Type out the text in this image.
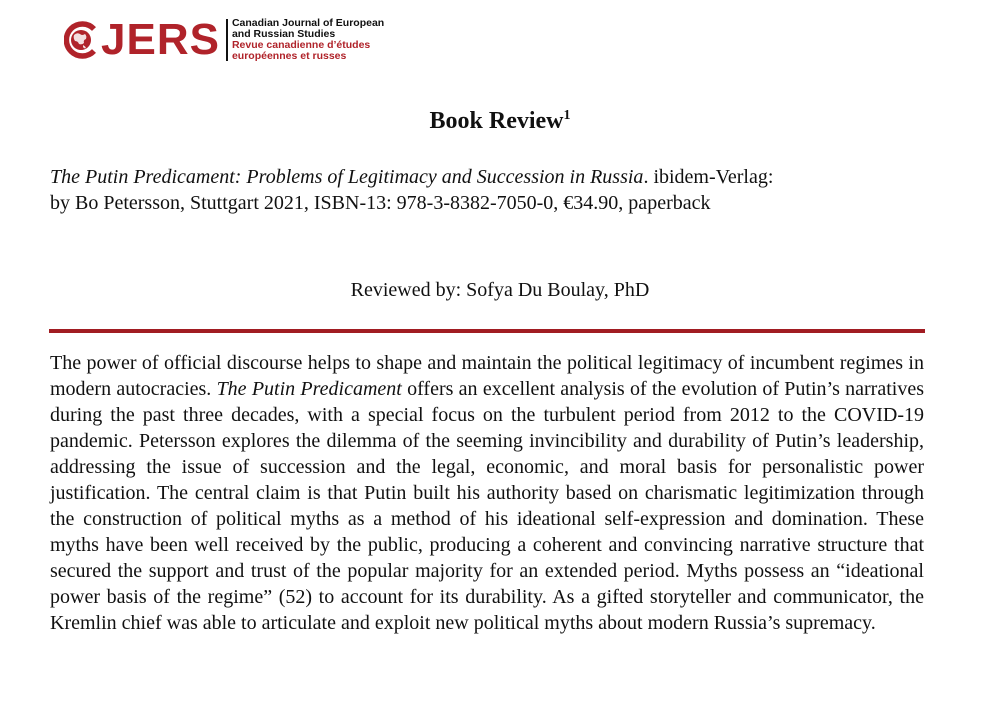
JERS Canadian Journal of European
and Russian Studies
Revue canadienne d’études
européennes et russes
Book Review$^1$
The Putin Predicament: Problems of Legitimacy and Succession in Russia. ibidem-Verlag:
by Bo Petersson, Stuttgart 2021, ISBN-13: 978-3-8382-7050-0, €34.90, paperback
Reviewed by: Sofya Du Boulay, PhD
The power of official discourse helps to shape and maintain the political legitimacy of incumbent regimes in modern autocracies. The Putin Predicament offers an excellent analysis of the evolution of Putin’s narratives during the past three decades, with a special focus on the turbulent period from 2012 to the COVID-19 pandemic. Petersson explores the dilemma of the seeming invincibility and durability of Putin’s leadership, addressing the issue of succession and the legal, economic, and moral basis for personalistic power justification. The central claim is that Putin built his authority based on charismatic legitimization through the construction of political myths as a method of his ideational self-expression and domination. These myths have been well received by the public, producing a coherent and convincing narrative structure that secured the support and trust of the popular majority for an extended period. Myths possess an “ideational power basis of the regime” (52) to account for its durability. As a gifted storyteller and communicator, the Kremlin chief was able to articulate and exploit new political myths about modern Russia’s supremacy.
